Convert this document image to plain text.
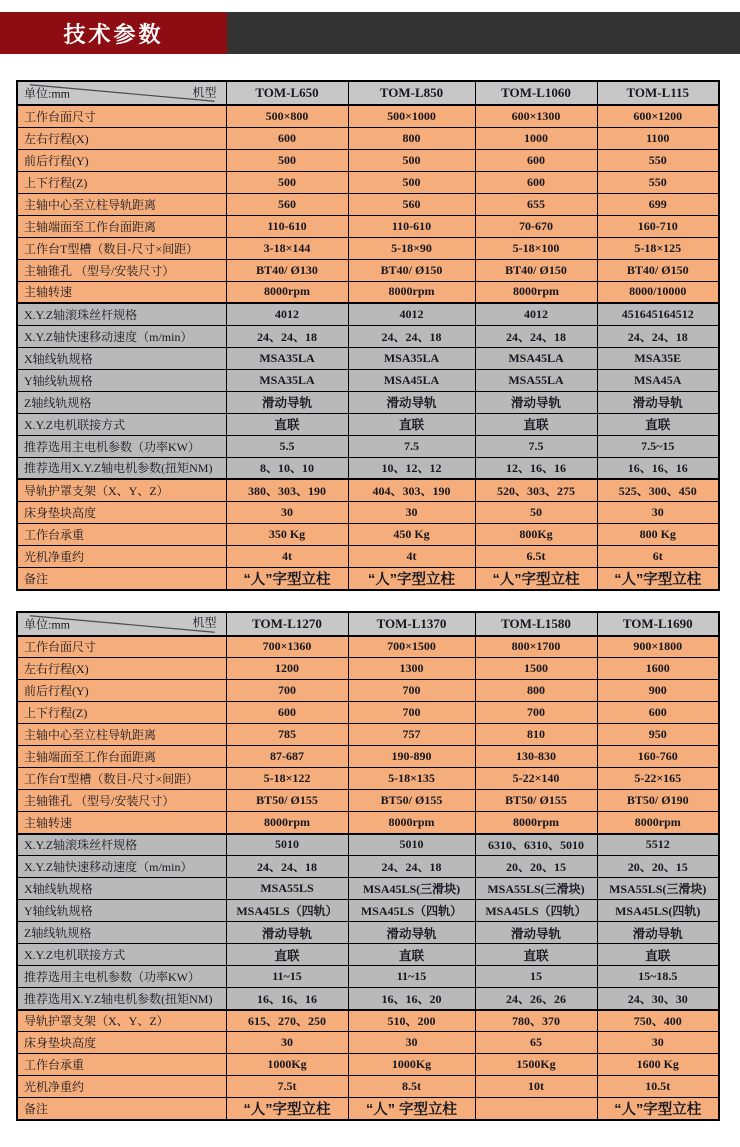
技术参数
单位:mm 机型	TOM-L650	TOM-L850	TOM-L1060	TOM-L115
工作台面尺寸	500×800	500×1000	600×1300	600×1200
左右行程(X)	600	800	1000	1100
前后行程(Y)	500	500	600	550
上下行程(Z)	500	500	600	550
主轴中心至立柱导轨距离	560	560	655	699
主轴端面至工作台面距离	110-610	110-610	70-670	160-710
工作台T型槽（数目-尺寸×间距）	3-18×144	5-18×90	5-18×100	5-18×125
主轴锥孔 （型号/安装尺寸）	BT40/ Ø130	BT40/ Ø150	BT40/ Ø150	BT40/ Ø150
主轴转速	8000rpm	8000rpm	8000rpm	8000/10000
X.Y.Z轴滚珠丝杆规格	4012	4012	4012	451645164512
X.Y.Z轴快速移动速度（m/min）	24、24、18	24、24、18	24、24、18	24、24、18
X轴线轨规格	MSA35LA	MSA35LA	MSA45LA	MSA35E
Y轴线轨规格	MSA35LA	MSA45LA	MSA55LA	MSA45A
Z轴线轨规格	滑动导轨	滑动导轨	滑动导轨	滑动导轨
X.Y.Z电机联接方式	直联	直联	直联	直联
推荐选用主电机参数（功率KW）	5.5	7.5	7.5	7.5~15
推荐选用X.Y.Z轴电机参数(扭矩NM)	8、10、10	10、12、12	12、16、16	16、16、16
导轨护罩支架（X、Y、Z）	380、303、190	404、303、190	520、303、275	525、300、450
床身垫块高度	30	30	50	30
工作台承重	350 Kg	450 Kg	800Kg	800 Kg
光机净重约	4t	4t	6.5t	6t
备注	“人”字型立柱	“人”字型立柱	“人”字型立柱	“人”字型立柱
单位:mm 机型	TOM-L1270	TOM-L1370	TOM-L1580	TOM-L1690
工作台面尺寸	700×1360	700×1500	800×1700	900×1800
左右行程(X)	1200	1300	1500	1600
前后行程(Y)	700	700	800	900
上下行程(Z)	600	700	700	600
主轴中心至立柱导轨距离	785	757	810	950
主轴端面至工作台面距离	87-687	190-890	130-830	160-760
工作台T型槽（数目-尺寸×间距）	5-18×122	5-18×135	5-22×140	5-22×165
主轴锥孔 （型号/安装尺寸）	BT50/ Ø155	BT50/ Ø155	BT50/ Ø155	BT50/ Ø190
主轴转速	8000rpm	8000rpm	8000rpm	8000rpm
X.Y.Z轴滚珠丝杆规格	5010	5010	6310、6310、5010	5512
X.Y.Z轴快速移动速度（m/min）	24、24、18	24、24、18	20、20、15	20、20、15
X轴线轨规格	MSA55LS	MSA45LS(三滑块)	MSA55LS(三滑块)	MSA55LS(三滑块)
Y轴线轨规格	MSA45LS（四轨）	MSA45LS（四轨）	MSA45LS（四轨）	MSA45LS(四轨)
Z轴线轨规格	滑动导轨	滑动导轨	滑动导轨	滑动导轨
X.Y.Z电机联接方式	直联	直联	直联	直联
推荐选用主电机参数（功率KW）	11~15	11~15	15	15~18.5
推荐选用X.Y.Z轴电机参数(扭矩NM)	16、16、16	16、16、20	24、26、26	24、30、30
导轨护罩支架（X、Y、Z）	615、270、250	510、200	780、370	750、400
床身垫块高度	30	30	65	30
工作台承重	1000Kg	1000Kg	1500Kg	1600 Kg
光机净重约	7.5t	8.5t	10t	10.5t
备注	“人”字型立柱	“人” 字型立柱		“人”字型立柱
